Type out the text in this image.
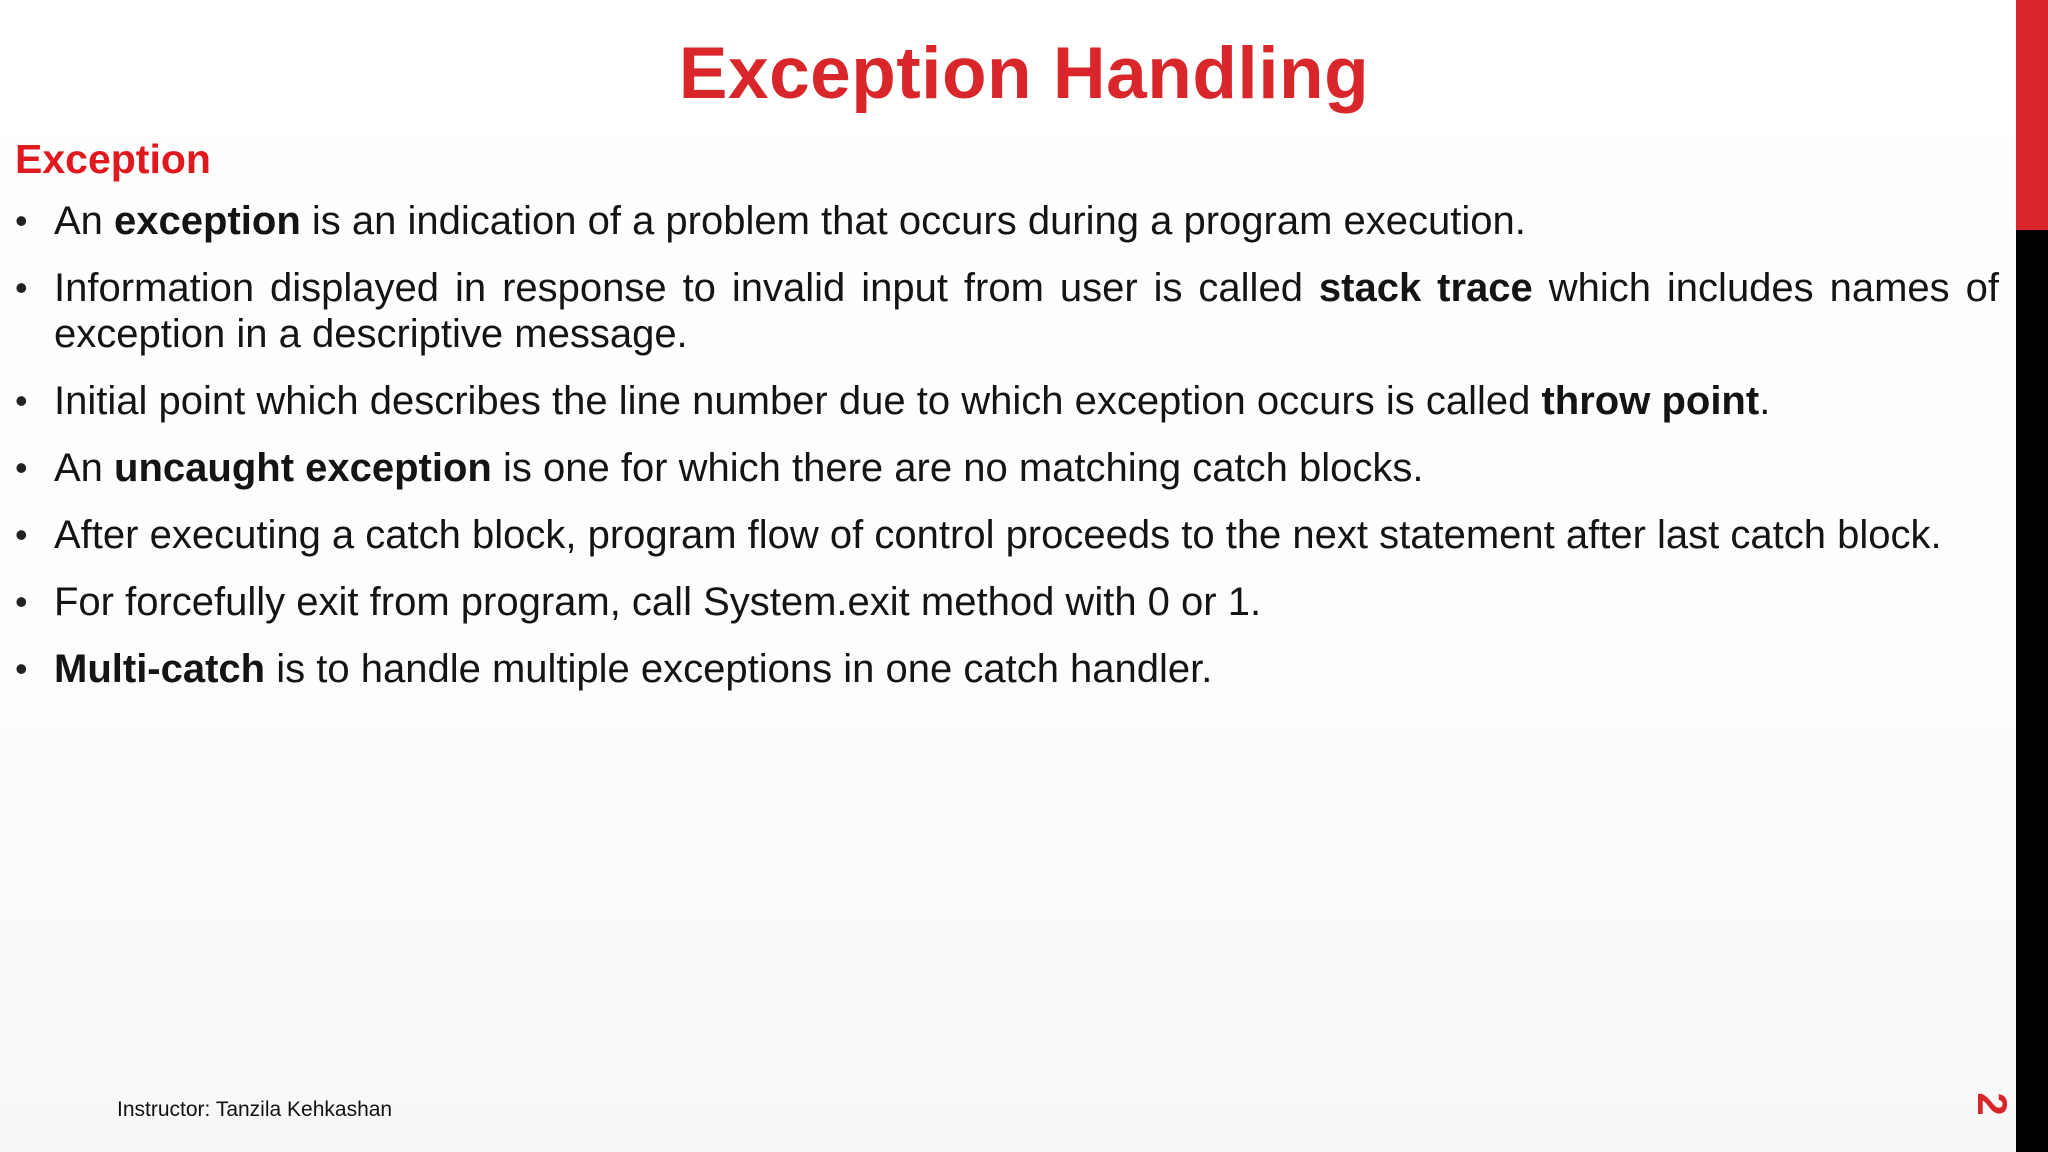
Exception Handling
Exception
• An exception is an indication of a problem that occurs during a program execution.
• Information displayed in response to invalid input from user is called stack trace which includes names of exception in a descriptive message.
• Initial point which describes the line number due to which exception occurs is called throw point.
• An uncaught exception is one for which there are no matching catch blocks.
• After executing a catch block, program flow of control proceeds to the next statement after last catch block.
• For forcefully exit from program, call System.exit method with 0 or 1.
• Multi-catch is to handle multiple exceptions in one catch handler.
Instructor: Tanzila Kehkashan	2
